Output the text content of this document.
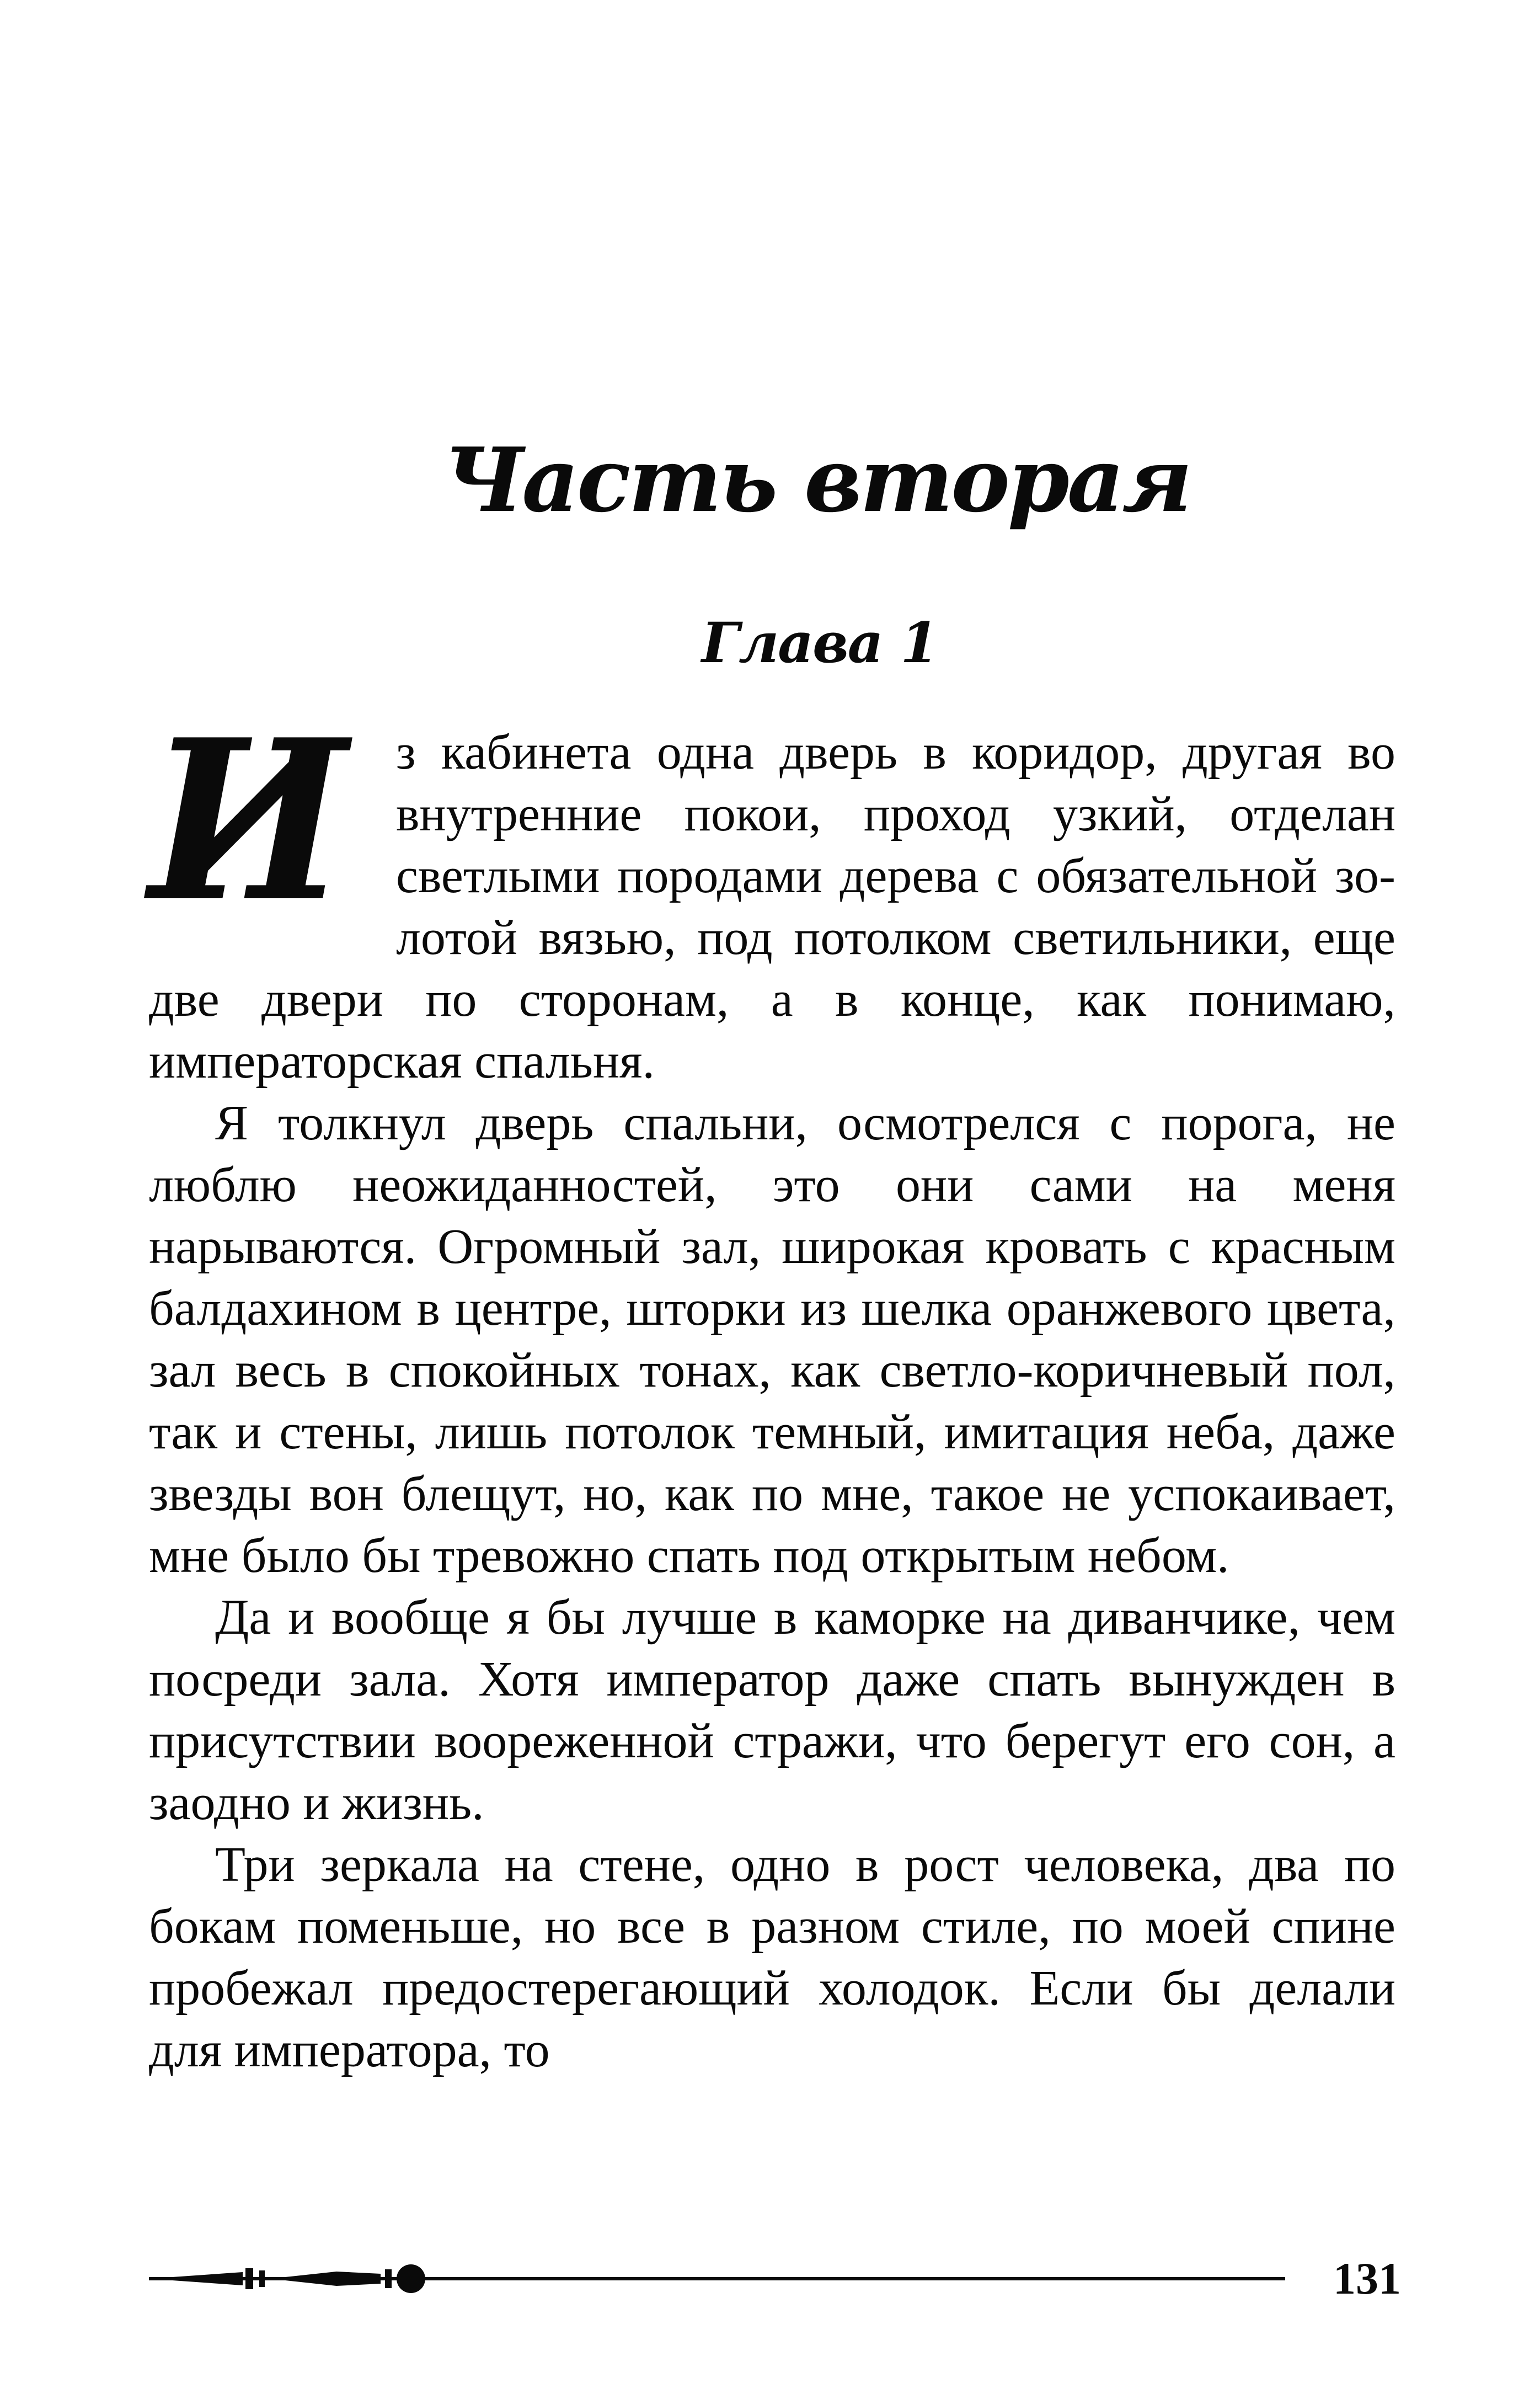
Часть вторая
Глава 1
И з кабинета одна дверь в коридор, другая во внутренние покои, проход узкий, отделан светлыми породами дерева с обязательной золотой вязью, под потолком светильники, еще две двери по сторонам, а в конце, как понимаю, императорская спальня.

Я толкнул дверь спальни, осмотрелся с порога, не люблю неожиданностей, это они сами на меня нарываются. Огромный зал, широкая кровать с красным балдахином в центре, шторки из шелка оранжевого цвета, зал весь в спокойных тонах, как светло-коричневый пол, так и стены, лишь потолок темный, имитация неба, даже звезды вон блещут, но, как по мне, такое не успокаивает, мне было бы тревожно спать под открытым небом.

Да и вообще я бы лучше в каморке на диванчике, чем посреди зала. Хотя император даже спать вынужден в присутствии воореженной стражи, что берегут его сон, а заодно и жизнь.

Три зеркала на стене, одно в рост человека, два по бокам поменьше, но все в разном стиле, по моей спине пробежал предостерегающий холодок. Если бы делали для императора, то

131
